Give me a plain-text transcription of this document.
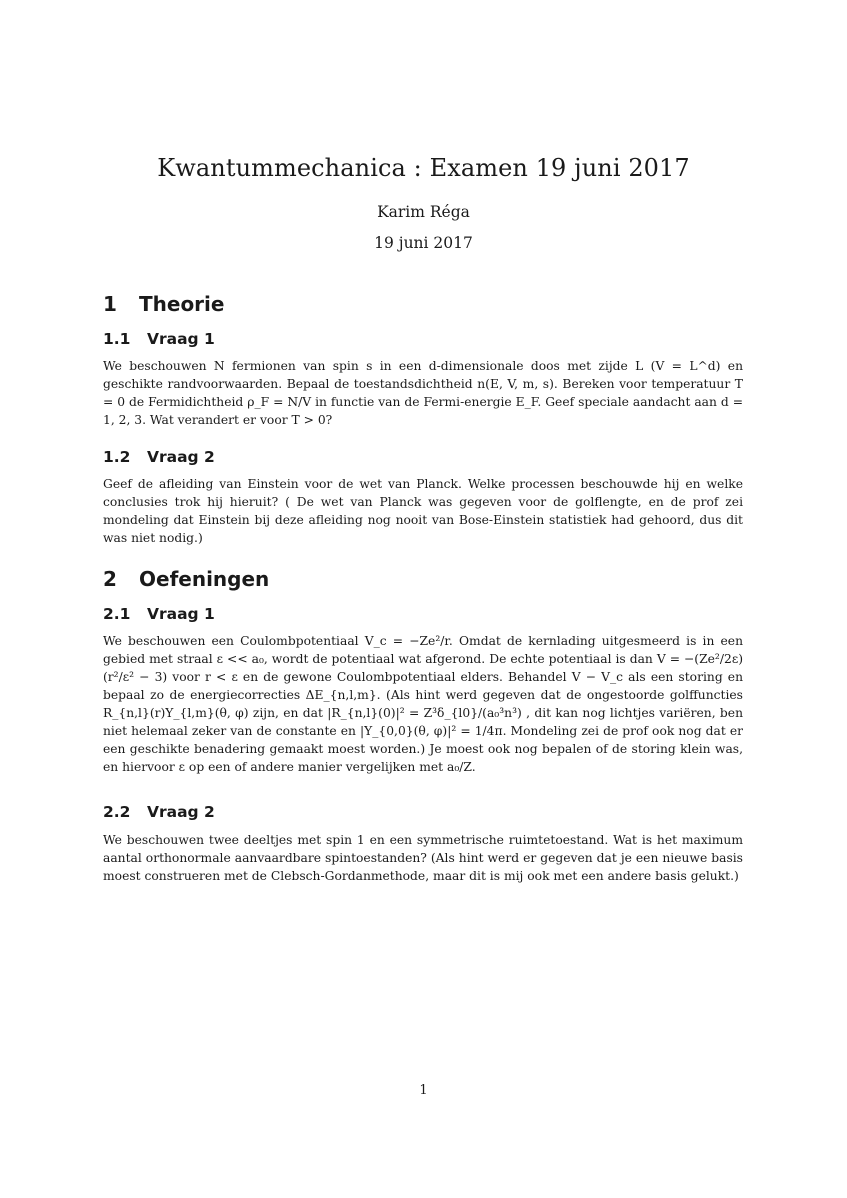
Kwantummechanica : Examen 19 juni 2017
Karim Réga
19 juni 2017
1 Theorie
1.1 Vraag 1
We beschouwen N fermionen van spin s in een d-dimensionale doos met zijde L (V = L^d) en geschikte randvoorwaarden. Bepaal de toestandsdichtheid n(E, V, m, s). Bereken voor temperatuur T = 0 de Fermidichtheid ρ_F = N/V in functie van de Fermi-energie E_F. Geef speciale aandacht aan d = 1, 2, 3. Wat verandert er voor T > 0?
1.2 Vraag 2
Geef de afleiding van Einstein voor de wet van Planck. Welke processen beschouwde hij en welke conclusies trok hij hieruit? ( De wet van Planck was gegeven voor de golflengte, en de prof zei mondeling dat Einstein bij deze afleiding nog nooit van Bose-Einstein statistiek had gehoord, dus dit was niet nodig.)
2 Oefeningen
2.1 Vraag 1
We beschouwen een Coulombpotentiaal V_c = −Ze²/r. Omdat de kernlading uitgesmeerd is in een gebied met straal ε << a₀, wordt de potentiaal wat afgerond. De echte potentiaal is dan V = −(Ze²/2ε)(r²/ε² − 3) voor r < ε en de gewone Coulombpotentiaal elders. Behandel V − V_c als een storing en bepaal zo de energiecorrecties ΔE_{n,l,m}. (Als hint werd gegeven dat de ongestoorde golffuncties R_{n,l}(r)Y_{l,m}(θ, φ) zijn, en dat |R_{n,l}(0)|² = Z³δ_{l0}/(a₀³n³) , dit kan nog lichtjes variëren, ben niet helemaal zeker van de constante en |Y_{0,0}(θ, φ)|² = 1/4π. Mondeling zei de prof ook nog dat er een geschikte benadering gemaakt moest worden.) Je moest ook nog bepalen of de storing klein was, en hiervoor ε op een of andere manier vergelijken met a₀/Z.
2.2 Vraag 2
We beschouwen twee deeltjes met spin 1 en een symmetrische ruimtetoestand. Wat is het maximum aantal orthonormale aanvaardbare spintoestanden? (Als hint werd er gegeven dat je een nieuwe basis moest construeren met de Clebsch-Gordanmethode, maar dit is mij ook met een andere basis gelukt.)
1
